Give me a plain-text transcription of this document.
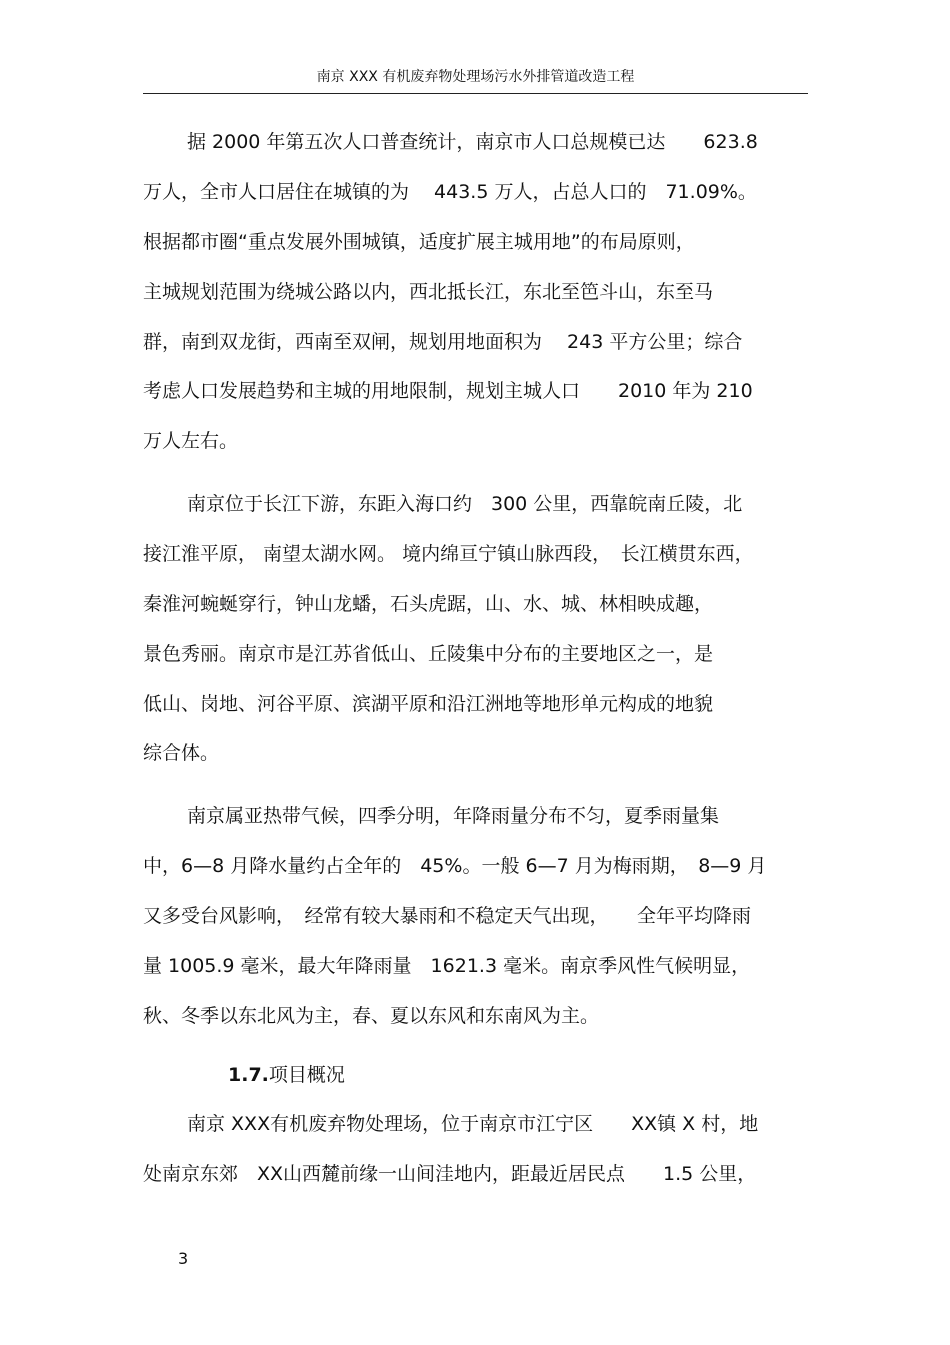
南京 XXX 有机废弃物处理场污水外排管道改造工程
据 2000 年第五次人口普查统计，南京市人口总规模已达　　623.8
万人，全市人口居住在城镇的为　 443.5 万人，占总人口的　71.09%。
根据都市圈“重点发展外围城镇，适度扩展主城用地”的布局原则，
主城规划范围为绕城公路以内，西北抵长江，东北至笆斗山，东至马
群，南到双龙街，西南至双闸，规划用地面积为　 243 平方公里；综合
考虑人口发展趋势和主城的用地限制，规划主城人口　　2010 年为 210
万人左右。
南京位于长江下游，东距入海口约　300 公里，西靠皖南丘陵，北
接江淮平原， 南望太湖水网。 境内绵亘宁镇山脉西段，　长江横贯东西，
秦淮河蜿蜒穿行，钟山龙蟠，石头虎踞，山、水、城、林相映成趣，
景色秀丽。南京市是江苏省低山、丘陵集中分布的主要地区之一，是
低山、岗地、河谷平原、滨湖平原和沿江洲地等地形单元构成的地貌
综合体。
南京属亚热带气候，四季分明，年降雨量分布不匀，夏季雨量集
中，6—8 月降水量约占全年的　45%。一般 6—7 月为梅雨期，　8—9 月
又多受台风影响，　经常有较大暴雨和不稳定天气出现，　　全年平均降雨
量 1005.9 毫米，最大年降雨量　1621.3 毫米。南京季风性气候明显，
秋、冬季以东北风为主，春、夏以东风和东南风为主。
1.7.项目概况
南京 XXX有机废弃物处理场，位于南京市江宁区　　XX镇 X 村，地
处南京东郊　XX山西麓前缘一山间洼地内，距最近居民点　　1.5 公里，
3
